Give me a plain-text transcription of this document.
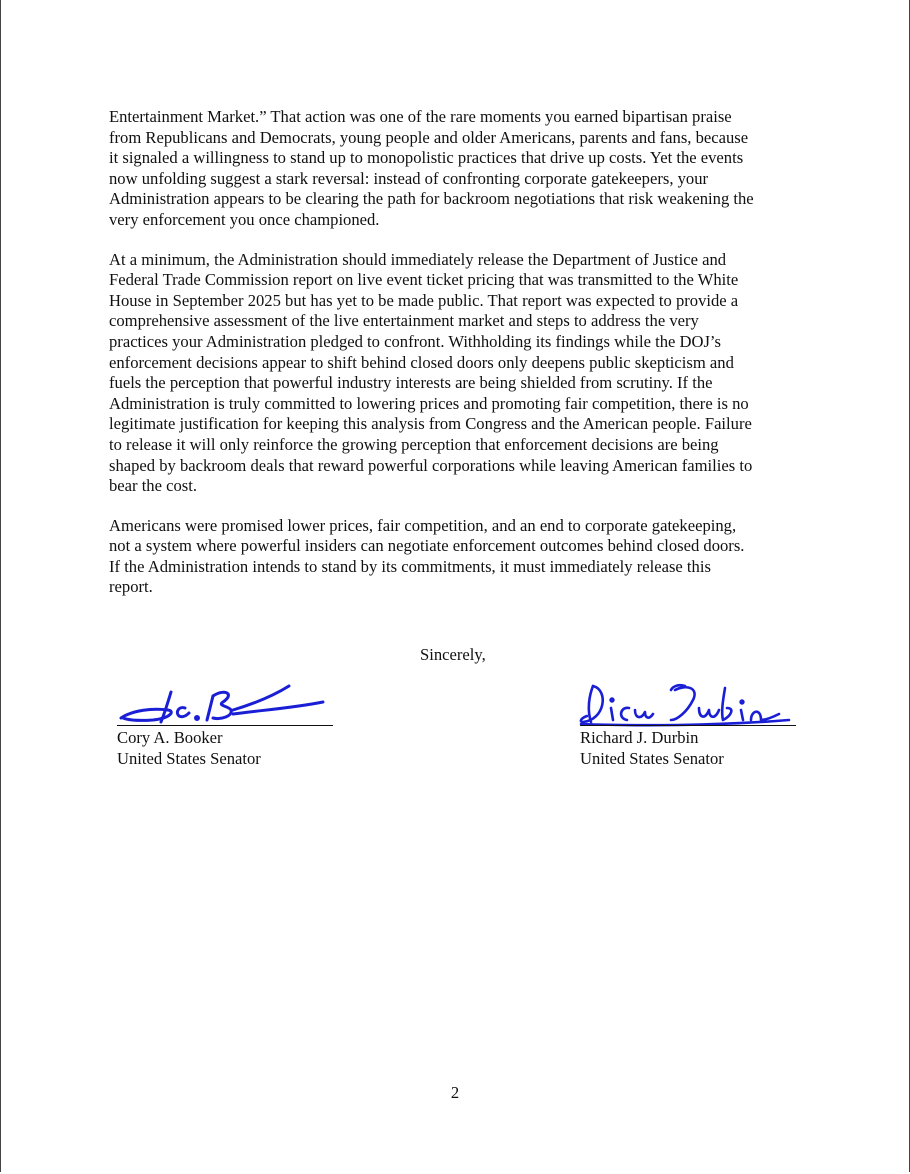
Entertainment Market.” That action was one of the rare moments you earned bipartisan praise
from Republicans and Democrats, young people and older Americans, parents and fans, because
it signaled a willingness to stand up to monopolistic practices that drive up costs. Yet the events
now unfolding suggest a stark reversal: instead of confronting corporate gatekeepers, your
Administration appears to be clearing the path for backroom negotiations that risk weakening the
very enforcement you once championed.

At a minimum, the Administration should immediately release the Department of Justice and
Federal Trade Commission report on live event ticket pricing that was transmitted to the White
House in September 2025 but has yet to be made public. That report was expected to provide a
comprehensive assessment of the live entertainment market and steps to address the very
practices your Administration pledged to confront. Withholding its findings while the DOJ’s
enforcement decisions appear to shift behind closed doors only deepens public skepticism and
fuels the perception that powerful industry interests are being shielded from scrutiny. If the
Administration is truly committed to lowering prices and promoting fair competition, there is no
legitimate justification for keeping this analysis from Congress and the American people. Failure
to release it will only reinforce the growing perception that enforcement decisions are being
shaped by backroom deals that reward powerful corporations while leaving American families to
bear the cost.

Americans were promised lower prices, fair competition, and an end to corporate gatekeeping,
not a system where powerful insiders can negotiate enforcement outcomes behind closed doors.
If the Administration intends to stand by its commitments, it must immediately release this
report.

Sincerely,
Cory A. Booker
United States Senator
Richard J. Durbin
United States Senator
2
